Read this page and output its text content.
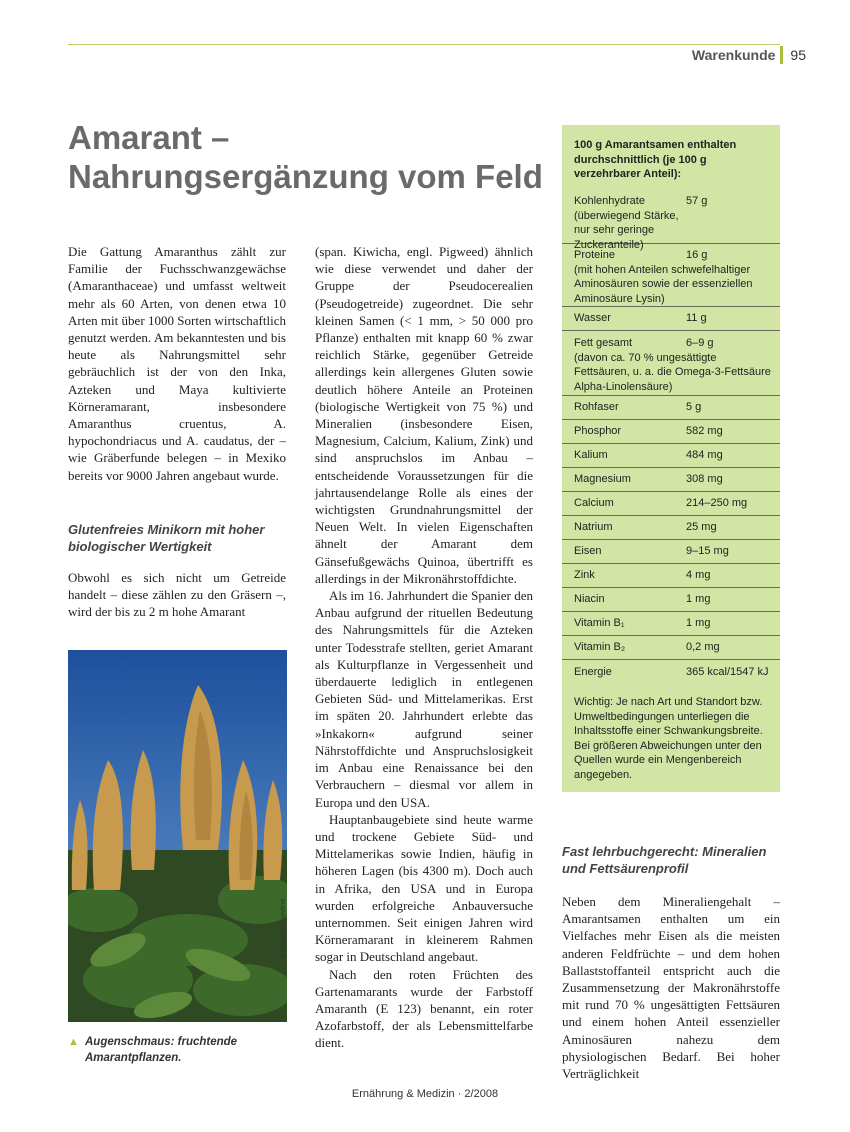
Warenkunde 95
Amarant – Nahrungsergänzung vom Feld

Die Gattung Amaranthus zählt zur Familie der Fuchsschwanzgewächse (Amaranthaceae) und umfasst weltweit mehr als 60 Arten, von denen etwa 10 Arten mit über 1000 Sorten wirtschaftlich genutzt werden. Am bekanntesten und bis heute als Nahrungsmittel sehr gebräuchlich ist der von den Inka, Azteken und Maya kultivierte Körneramarant, insbesondere Amaranthus cruentus, A. hypochondriacus und A. caudatus, der – wie Gräberfunde belegen – in Mexiko bereits vor 9000 Jahren angebaut wurde.

Glutenfreies Minikorn mit hoher biologischer Wertigkeit

Obwohl es sich nicht um Getreide handelt – diese zählen zu den Gräsern –, wird der bis zu 2 m hohe Amarant

bildagentur-online
▲ Augenschmaus: fruchtende Amarantpflanzen.

(span. Kiwicha, engl. Pigweed) ähnlich wie diese verwendet und daher der Gruppe der Pseudocerealien (Pseudogetreide) zugeordnet. Die sehr kleinen Samen (< 1 mm, > 50 000 pro Pflanze) enthalten mit knapp 60 % zwar reichlich Stärke, gegenüber Getreide allerdings kein allergenes Gluten sowie deutlich höhere Anteile an Proteinen (biologische Wertigkeit von 75 %) und Mineralien (insbesondere Eisen, Magnesium, Calcium, Kalium, Zink) und sind anspruchslos im Anbau – entscheidende Voraussetzungen für die jahrtausendelange Rolle als eines der wichtigsten Grundnahrungsmittel der Neuen Welt. In vielen Eigenschaften ähnelt der Amarant dem Gänsefußgewächs Quinoa, übertrifft es allerdings in der Mikronährstoffdichte.

Als im 16. Jahrhundert die Spanier den Anbau aufgrund der rituellen Bedeutung des Nahrungsmittels für die Azteken unter Todesstrafe stellten, geriet Amarant als Kulturpflanze in Vergessenheit und überdauerte lediglich in entlegenen Gebieten Süd- und Mittelamerikas. Erst im späten 20. Jahrhundert erlebte das »Inkakorn« aufgrund seiner Nährstoffdichte und Anspruchslosigkeit im Anbau eine Renaissance bei den Verbrauchern – diesmal vor allem in Europa und den USA.

Hauptanbaugebiete sind heute warme und trockene Gebiete Süd- und Mittelamerikas sowie Indien, häufig in höheren Lagen (bis 4300 m). Doch auch in Afrika, den USA und in Europa wurden erfolgreiche Anbauversuche unternommen. Seit einigen Jahren wird Körneramarant in kleinerem Rahmen sogar in Deutschland angebaut.

Nach den roten Früchten des Gartenamarants wurde der Farbstoff Amaranth (E 123) benannt, ein roter Azofarbstoff, der als Lebensmittelfarbe dient.

100 g Amarantsamen enthalten durchschnittlich (je 100 g verzehrbarer Anteil):
Kohlenhydrate	57 g
(überwiegend Stärke, nur sehr geringe Zuckeranteile)
Proteine	16 g
(mit hohen Anteilen schwefelhaltiger Aminosäuren sowie der essenziellen Aminosäure Lysin)
Wasser	11 g
Fett gesamt	6–9 g
(davon ca. 70 % ungesättigte Fettsäuren, u. a. die Omega-3-Fettsäure Alpha-Linolensäure)
Rohfaser	5 g
Phosphor	582 mg
Kalium	484 mg
Magnesium	308 mg
Calcium	214–250 mg
Natrium	25 mg
Eisen	9–15 mg
Zink	4 mg
Niacin	1 mg
Vitamin B₁	1 mg
Vitamin B₂	0,2 mg
Energie	365 kcal/1547 kJ
Wichtig: Je nach Art und Standort bzw. Umweltbedingungen unterliegen die Inhaltsstoffe einer Schwankungsbreite. Bei größeren Abweichungen unter den Quellen wurde ein Mengenbereich angegeben.
Fast lehrbuchgerecht: Mineralien und Fettsäurenprofil

Neben dem Mineraliengehalt – Amarantsamen enthalten um ein Vielfaches mehr Eisen als die meisten anderen Feldfrüchte – und dem hohen Ballaststoffanteil entspricht auch die Zusammensetzung der Makronährstoffe mit rund 70 % ungesättigten Fettsäuren und einem hohen Anteil essenzieller Aminosäuren nahezu dem physiologischen Bedarf. Bei hoher Verträglichkeit

Ernährung & Medizin · 2/2008
